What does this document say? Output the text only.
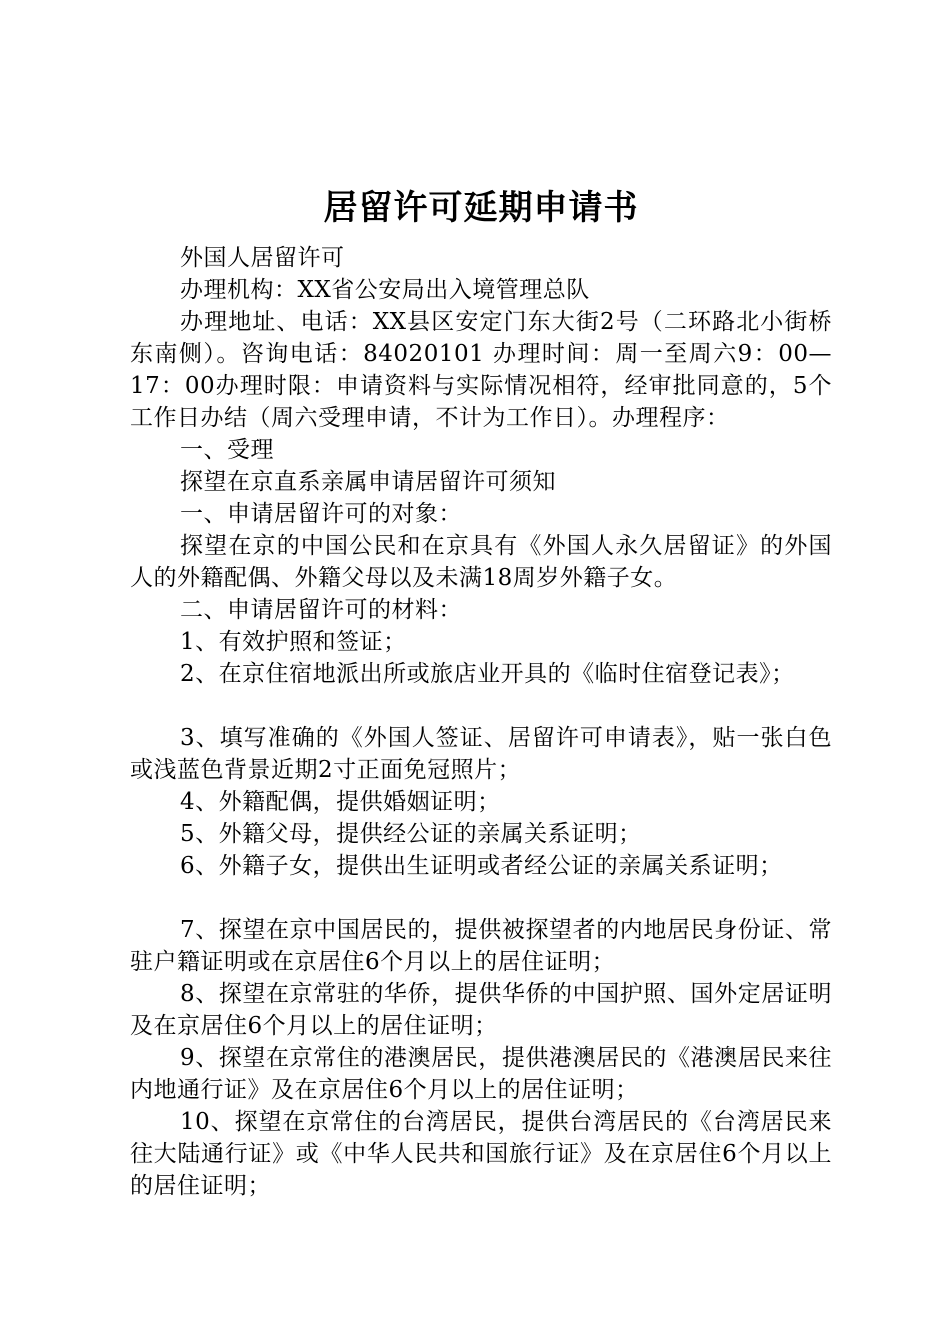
居留许可延期申请书

外国人居留许可

办理机构：XX省公安局出入境管理总队

办理地址、电话：XX县区安定门东大街2号（二环路北小街桥东南侧）。咨询电话：84020101 办理时间：周一至周六9：00—17：00办理时限：申请资料与实际情况相符，经审批同意的，5个工作日办结（周六受理申请，不计为工作日）。办理程序：

一、受理

探望在京直系亲属申请居留许可须知

一、申请居留许可的对象：

探望在京的中国公民和在京具有《外国人永久居留证》的外国人的外籍配偶、外籍父母以及未满18周岁外籍子女。

二、申请居留许可的材料：

1、有效护照和签证；

2、在京住宿地派出所或旅店业开具的《临时住宿登记表》；

3、填写准确的《外国人签证、居留许可申请表》，贴一张白色或浅蓝色背景近期2寸正面免冠照片；

4、外籍配偶，提供婚姻证明；

5、外籍父母，提供经公证的亲属关系证明；

6、外籍子女，提供出生证明或者经公证的亲属关系证明；

7、探望在京中国居民的，提供被探望者的内地居民身份证、常驻户籍证明或在京居住6个月以上的居住证明；

8、探望在京常驻的华侨，提供华侨的中国护照、国外定居证明及在京居住6个月以上的居住证明；

9、探望在京常住的港澳居民，提供港澳居民的《港澳居民来往内地通行证》及在京居住6个月以上的居住证明；

10、探望在京常住的台湾居民，提供台湾居民的《台湾居民来往大陆通行证》或《中华人民共和国旅行证》及在京居住6个月以上的居住证明；
